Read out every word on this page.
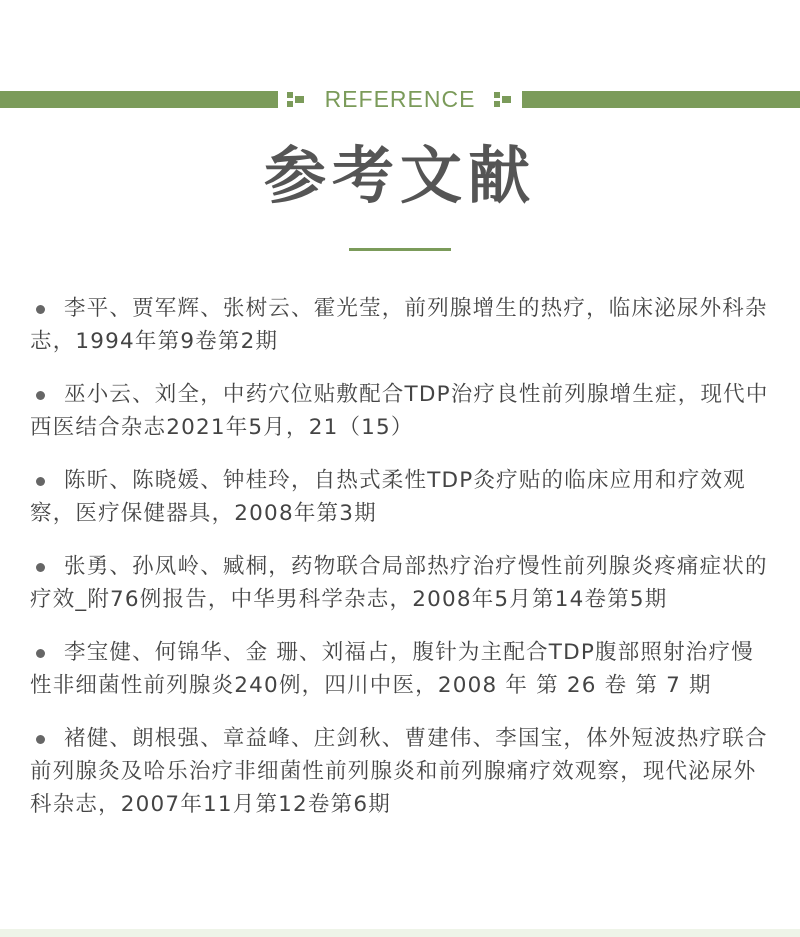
REFERENCE
参考文献
李平、贾军辉、张树云、霍光莹，前列腺增生的热疗，临床泌尿外科杂志，1994年第9卷第2期
巫小云、刘全，中药穴位贴敷配合TDP治疗良性前列腺增生症，现代中西医结合杂志2021年5月，21（15）
陈昕、陈晓媛、钟桂玲，自热式柔性TDP灸疗贴的临床应用和疗效观察，医疗保健器具，2008年第3期
张勇、孙凤岭、臧桐，药物联合局部热疗治疗慢性前列腺炎疼痛症状的疗效_附76例报告，中华男科学杂志，2008年5月第14卷第5期
李宝健、何锦华、金 珊、刘福占，腹针为主配合TDP腹部照射治疗慢性非细菌性前列腺炎240例，四川中医，2008 年 第 26 卷 第 7 期
褚健、朗根强、章益峰、庄剑秋、曹建伟、李国宝，体外短波热疗联合前列腺灸及哈乐治疗非细菌性前列腺炎和前列腺痛疗效观察，现代泌尿外科杂志，2007年11月第12卷第6期
